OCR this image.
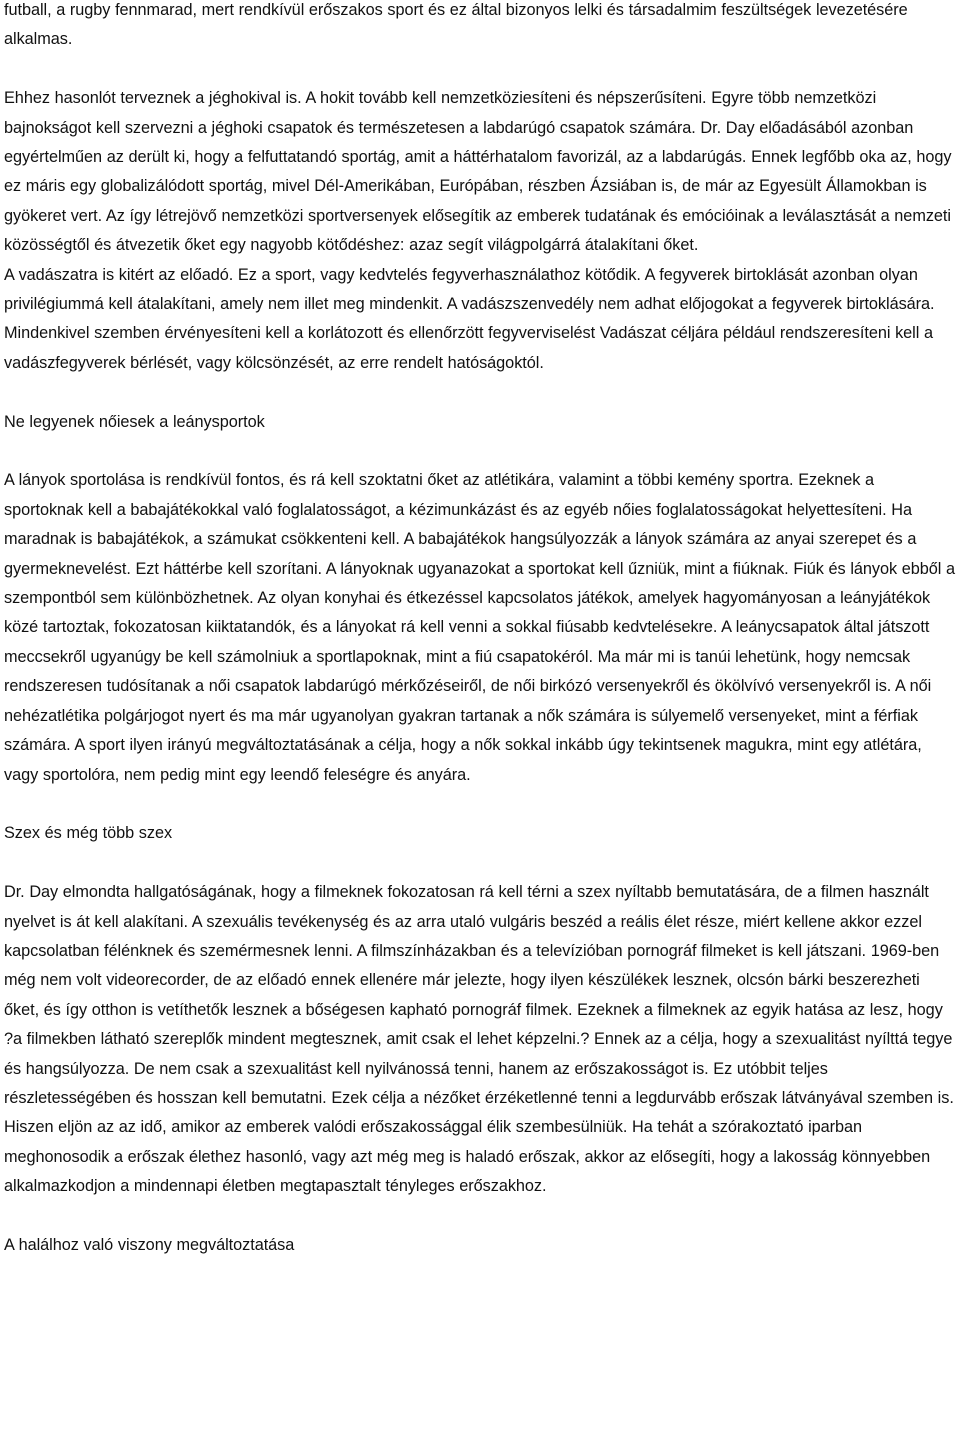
futball, a rugby fennmarad, mert rendkívül erőszakos sport és ez által bizonyos lelki és társadalmim feszültségek levezetésére alkalmas.

Ehhez hasonlót terveznek a jéghokival is. A hokit tovább kell nemzetköziesíteni és népszerűsíteni. Egyre több nemzetközi bajnokságot kell szervezni a jéghoki csapatok és természetesen a labdarúgó csapatok számára. Dr. Day előadásából azonban egyértelműen az derült ki, hogy a felfuttatandó sportág, amit a háttérhatalom favorizál, az a labdarúgás. Ennek legfőbb oka az, hogy ez máris egy globalizálódott sportág, mivel Dél-Amerikában, Európában, részben Ázsiában is, de már az Egyesült Államokban is gyökeret vert. Az így létrejövő nemzetközi sportversenyek elősegítik az emberek tudatának és emócióinak a leválasztását a nemzeti közösségtől és átvezetik őket egy nagyobb kötődéshez: azaz segít világpolgárrá átalakítani őket.

A vadászatra is kitért az előadó. Ez a sport, vagy kedvtelés fegyverhasználathoz kötődik. A fegyverek birtoklását azonban olyan privilégiummá kell átalakítani, amely nem illet meg mindenkit. A vadászszenvedély nem adhat előjogokat a fegyverek birtoklására. Mindenkivel szemben érvényesíteni kell a korlátozott és ellenőrzött fegyverviselést Vadászat céljára például rendszeresíteni kell a vadászfegyverek bérlését, vagy kölcsönzését, az erre rendelt hatóságoktól.

Ne legyenek nőiesek a leánysportok

A lányok sportolása is rendkívül fontos, és rá kell szoktatni őket az atlétikára, valamint a többi kemény sportra. Ezeknek a sportoknak kell a babajátékokkal való foglalatosságot, a kézimunkázást és az egyéb nőies foglalatosságokat helyettesíteni. Ha maradnak is babajátékok, a számukat csökkenteni kell. A babajátékok hangsúlyozzák a lányok számára az anyai szerepet és a gyermeknevelést. Ezt háttérbe kell szorítani. A lányoknak ugyanazokat a sportokat kell űzniük, mint a fiúknak. Fiúk és lányok ebből a szempontból sem különbözhetnek. Az olyan konyhai és étkezéssel kapcsolatos játékok, amelyek hagyományosan a leányjátékok közé tartoztak, fokozatosan kiiktatandók, és a lányokat rá kell venni a sokkal fiúsabb kedvtelésekre. A leánycsapatok által játszott meccsekről ugyanúgy be kell számolniuk a sportlapoknak, mint a fiú csapatokéról. Ma már mi is tanúi lehetünk, hogy nemcsak rendszeresen tudósítanak a női csapatok labdarúgó mérkőzéseiről, de női birkózó versenyekről és ökölvívó versenyekről is. A női nehézatlétika polgárjogot nyert és ma már ugyanolyan gyakran tartanak a nők számára is súlyemelő versenyeket, mint a férfiak számára. A sport ilyen irányú megváltoztatásának a célja, hogy a nők sokkal inkább úgy tekintsenek magukra, mint egy atlétára, vagy sportolóra, nem pedig mint egy leendő feleségre és anyára.

Szex és még több szex

Dr. Day elmondta hallgatóságának, hogy a filmeknek fokozatosan rá kell térni a szex nyíltabb bemutatására, de a filmen használt nyelvet is át kell alakítani. A szexuális tevékenység és az arra utaló vulgáris beszéd a reális élet része, miért kellene akkor ezzel kapcsolatban félénknek és szemérmesnek lenni. A filmszínházakban és a televízióban pornográf filmeket is kell játszani. 1969-ben még nem volt videorecorder, de az előadó ennek ellenére már jelezte, hogy ilyen készülékek lesznek, olcsón bárki beszerezheti őket, és így otthon is vetíthetők lesznek a bőségesen kapható pornográf filmek. Ezeknek a filmeknek az egyik hatása az lesz, hogy ?a filmekben látható szereplők mindent megtesznek, amit csak el lehet képzelni.? Ennek az a célja, hogy a szexualitást nyílttá tegye és hangsúlyozza. De nem csak a szexualitást kell nyilvánossá tenni, hanem az erőszakosságot is. Ez utóbbit teljes részletességében és hosszan kell bemutatni. Ezek célja a nézőket érzéketlenné tenni a legdurvább erőszak látványával szemben is. Hiszen eljön az az idő, amikor az emberek valódi erőszakossággal élik szembesülniük. Ha tehát a szórakoztató iparban meghonosodik a erőszak élethez hasonló, vagy azt még meg is haladó erőszak, akkor az elősegíti, hogy a lakosság könnyebben alkalmazkodjon a mindennapi életben megtapasztalt tényleges erőszakhoz.

A halálhoz való viszony megváltoztatása
